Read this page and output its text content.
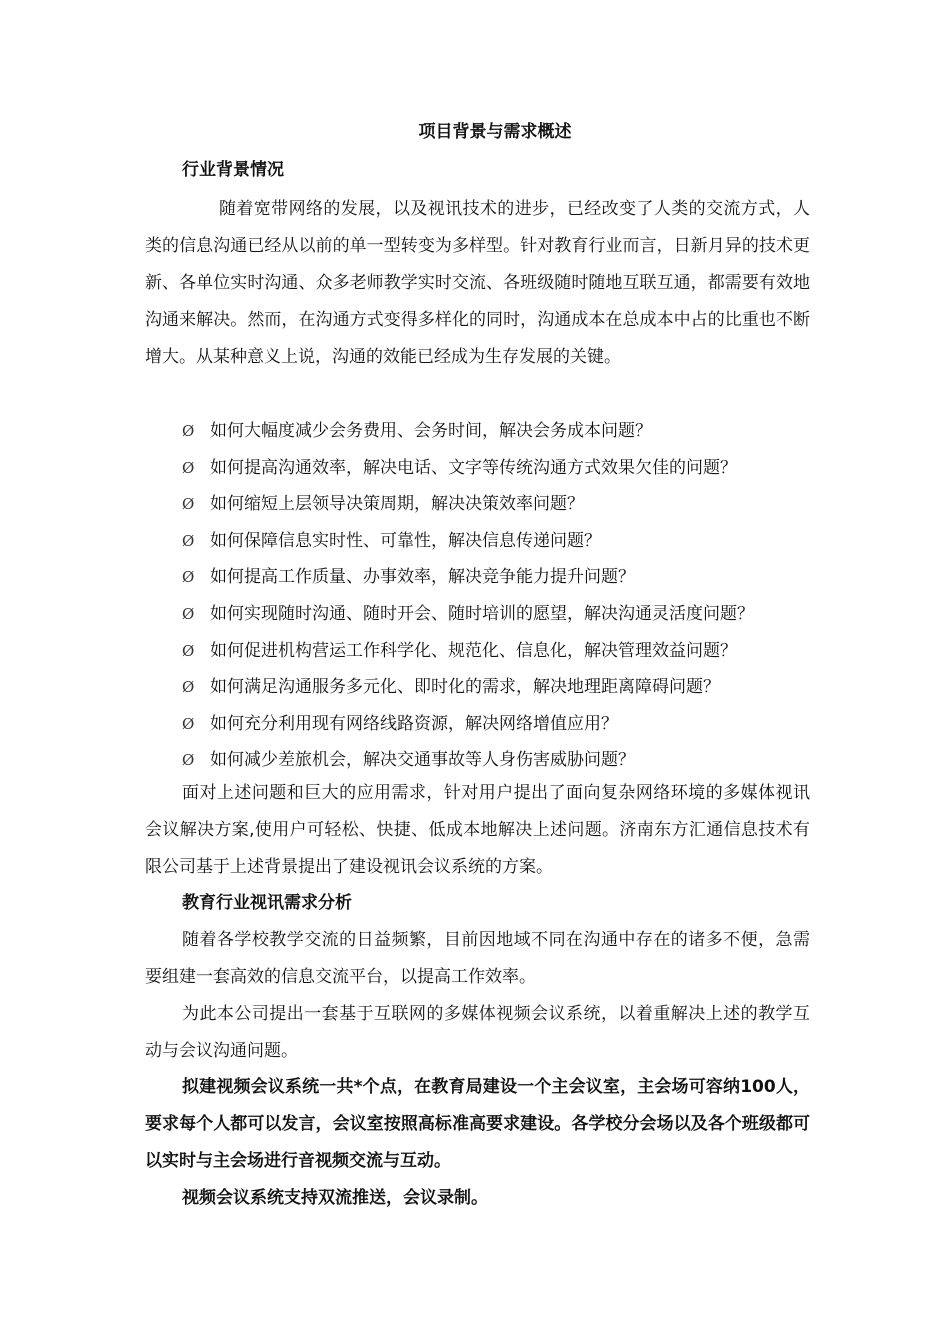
项目背景与需求概述
行业背景情况
随着宽带网络的发展，以及视讯技术的进步，已经改变了人类的交流方式，人类的信息沟通已经从以前的单一型转变为多样型。针对教育行业而言，日新月异的技术更新、各单位实时沟通、众多老师教学实时交流、各班级随时随地互联互通，都需要有效地沟通来解决。然而，在沟通方式变得多样化的同时，沟通成本在总成本中占的比重也不断增大。从某种意义上说，沟通的效能已经成为生存发展的关键。
Ø 如何大幅度减少会务费用、会务时间，解决会务成本问题？
Ø 如何提高沟通效率，解决电话、文字等传统沟通方式效果欠佳的问题？
Ø 如何缩短上层领导决策周期，解决决策效率问题？
Ø 如何保障信息实时性、可靠性，解决信息传递问题？
Ø 如何提高工作质量、办事效率，解决竞争能力提升问题？
Ø 如何实现随时沟通、随时开会、随时培训的愿望，解决沟通灵活度问题？
Ø 如何促进机构营运工作科学化、规范化、信息化，解决管理效益问题？
Ø 如何满足沟通服务多元化、即时化的需求，解决地理距离障碍问题？
Ø 如何充分利用现有网络线路资源，解决网络增值应用？
Ø 如何减少差旅机会，解决交通事故等人身伤害威胁问题？
面对上述问题和巨大的应用需求，针对用户提出了面向复杂网络环境的多媒体视讯会议解决方案,使用户可轻松、快捷、低成本地解决上述问题。济南东方汇通信息技术有限公司基于上述背景提出了建设视讯会议系统的方案。
教育行业视讯需求分析
随着各学校教学交流的日益频繁，目前因地域不同在沟通中存在的诸多不便，急需要组建一套高效的信息交流平台，以提高工作效率。
为此本公司提出一套基于互联网的多媒体视频会议系统，以着重解决上述的教学互动与会议沟通问题。
拟建视频会议系统一共*个点，在教育局建设一个主会议室，主会场可容纳100人，要求每个人都可以发言，会议室按照高标准高要求建设。各学校分会场以及各个班级都可以实时与主会场进行音视频交流与互动。
视频会议系统支持双流推送，会议录制。
